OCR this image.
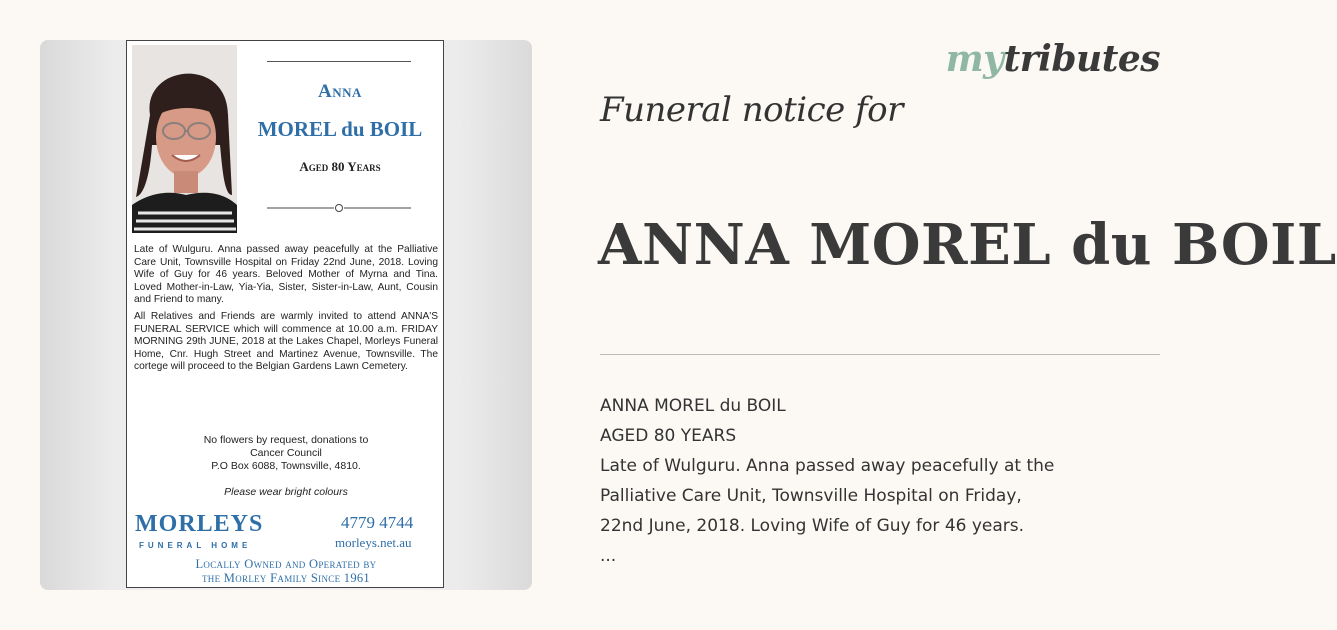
Anna
MOREL du BOIL
Aged 80 Years

Late of Wulguru. Anna passed away peacefully at the Palliative Care Unit, Townsville Hospital on Friday 22nd June, 2018. Loving Wife of Guy for 46 years. Beloved Mother of Myrna and Tina. Loved Mother-in-Law, Yia-Yia, Sister, Sister-in-Law, Aunt, Cousin and Friend to many.

All Relatives and Friends are warmly invited to attend ANNA'S FUNERAL SERVICE which will commence at 10.00 a.m. FRIDAY MORNING 29th JUNE, 2018 at the Lakes Chapel, Morleys Funeral Home, Cnr. Hugh Street and Martinez Avenue, Townsville. The cortege will proceed to the Belgian Gardens Lawn Cemetery.

No flowers by request, donations to
Cancer Council
P.O Box 6088, Townsville, 4810.
Please wear bright colours
MORLEYS
FUNERAL HOME
4779 4744
morleys.net.au
Locally Owned and Operated by
the Morley Family Since 1961
mytributes
Funeral notice for
ANNA MOREL du BOIL
ANNA MOREL du BOIL
AGED 80 YEARS
Late of Wulguru. Anna passed away peacefully at the
Palliative Care Unit, Townsville Hospital on Friday,
22nd June, 2018. Loving Wife of Guy for 46 years.
...
